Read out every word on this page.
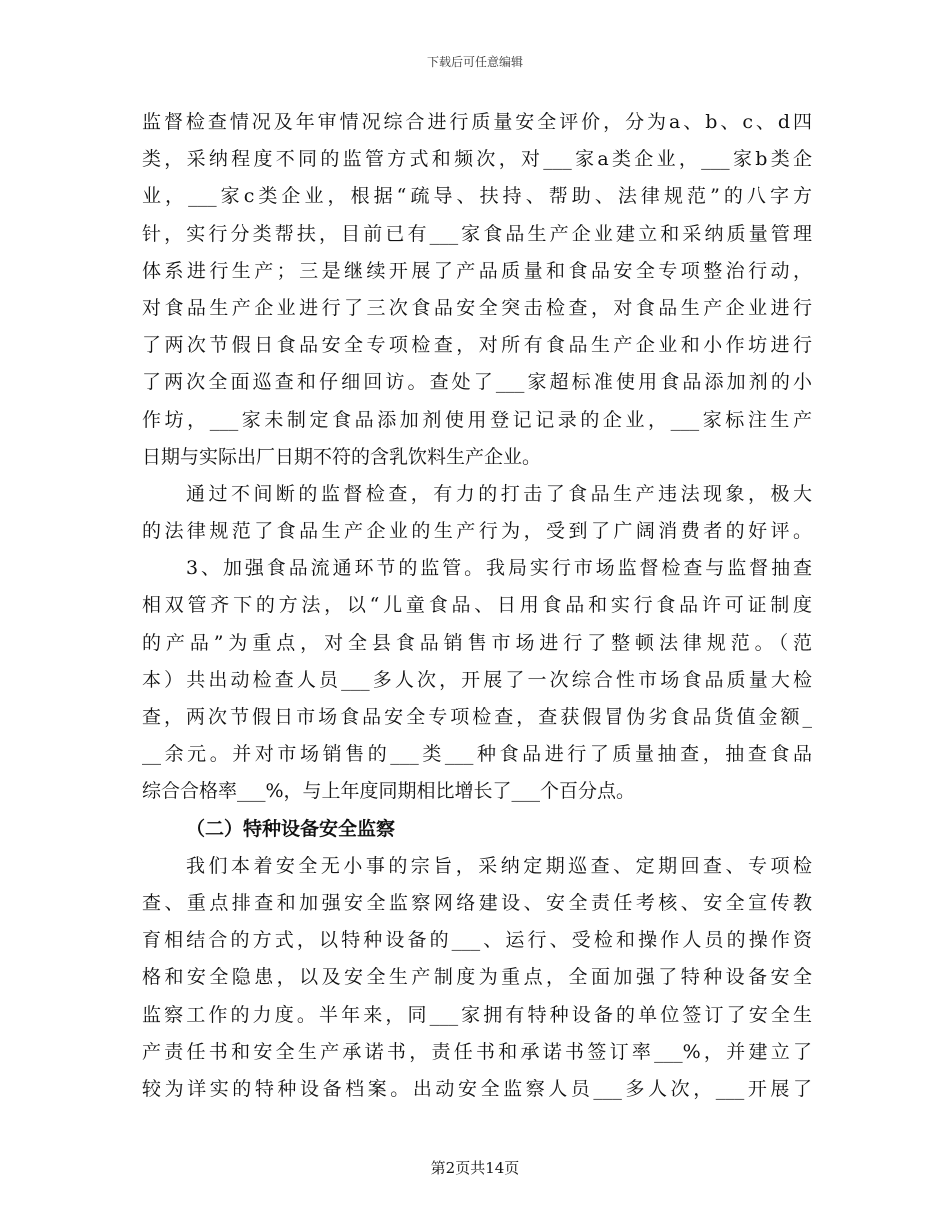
下载后可任意编辑
监督检查情况及年审情况综合进行质量安全评价，分为a、b、c、d四
类，采纳程度不同的监管方式和频次，对___家a类企业，___家b类企
业，___家c类企业，根据“疏导、扶持、帮助、法律规范”的八字方
针，实行分类帮扶，目前已有___家食品生产企业建立和采纳质量管理
体系进行生产；三是继续开展了产品质量和食品安全专项整治行动，
对食品生产企业进行了三次食品安全突击检查，对食品生产企业进行
了两次节假日食品安全专项检查，对所有食品生产企业和小作坊进行
了两次全面巡查和仔细回访。查处了___家超标准使用食品添加剂的小
作坊，___家未制定食品添加剂使用登记记录的企业，___家标注生产
日期与实际出厂日期不符的含乳饮料生产企业。
通过不间断的监督检查，有力的打击了食品生产违法现象，极大
的法律规范了食品生产企业的生产行为，受到了广阔消费者的好评。
3、加强食品流通环节的监管。我局实行市场监督检查与监督抽查
相双管齐下的方法，以“儿童食品、日用食品和实行食品许可证制度
的产品”为重点，对全县食品销售市场进行了整顿法律规范。（范
本）共出动检查人员___多人次，开展了一次综合性市场食品质量大检
查，两次节假日市场食品安全专项检查，查获假冒伪劣食品货值金额_
__余元。并对市场销售的___类___种食品进行了质量抽查，抽查食品
综合合格率___%，与上年度同期相比增长了___个百分点。
（二）特种设备安全监察
我们本着安全无小事的宗旨，采纳定期巡查、定期回查、专项检
查、重点排查和加强安全监察网络建设、安全责任考核、安全宣传教
育相结合的方式，以特种设备的___、运行、受检和操作人员的操作资
格和安全隐患，以及安全生产制度为重点，全面加强了特种设备安全
监察工作的力度。半年来，同___家拥有特种设备的单位签订了安全生
产责任书和安全生产承诺书，责任书和承诺书签订率___%，并建立了
较为详实的特种设备档案。出动安全监察人员___多人次，___开展了
第2页共14页
